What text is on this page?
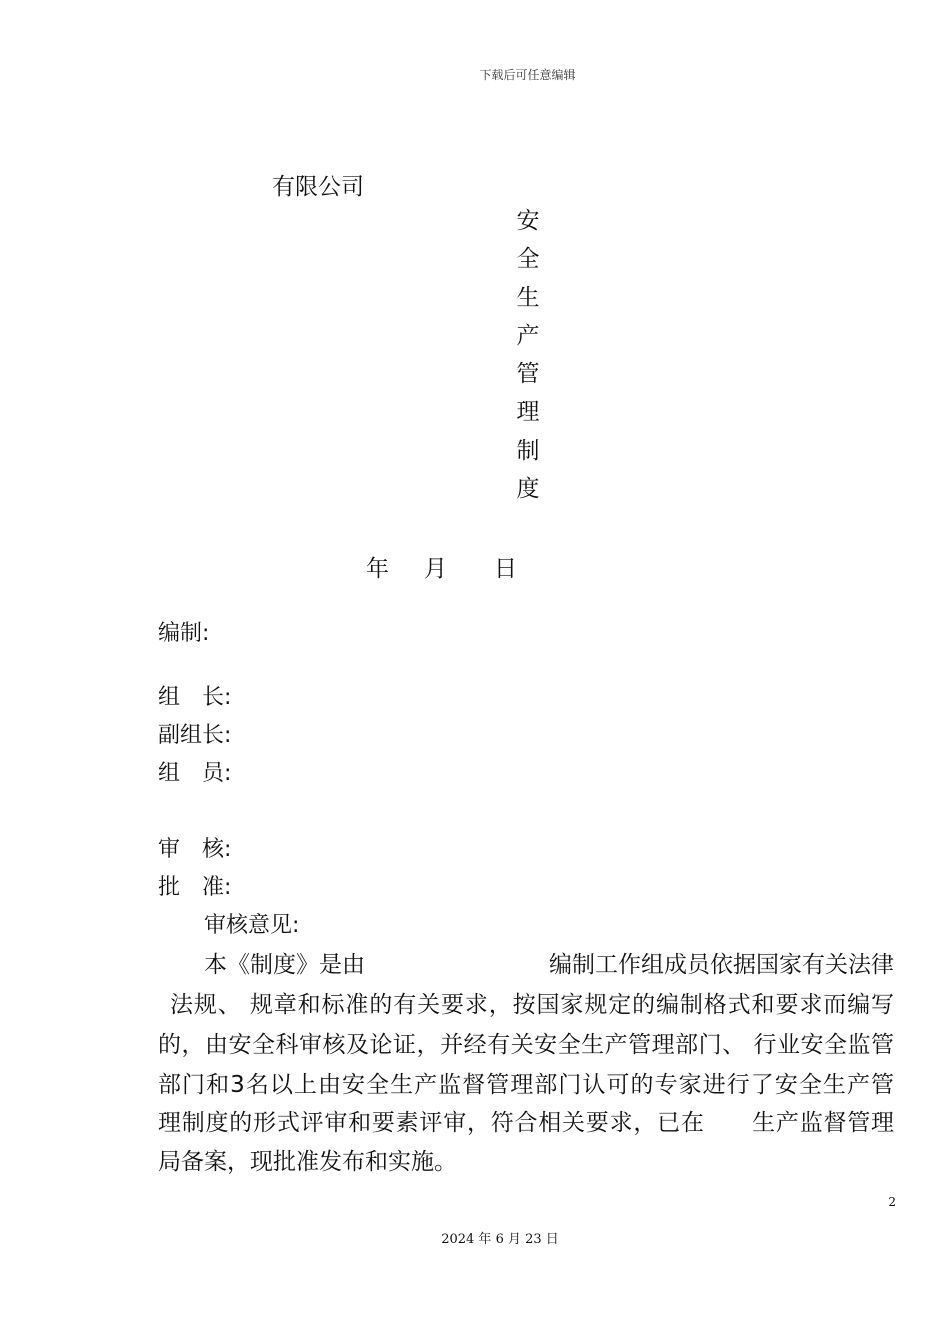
下载后可任意编辑
有限公司
安
全
生
产
管
理
制
度
年 月 日
编制:
组　长:
副组长:
组　员:
审　核:
批　准:
审核意见:
本《制度》是由　　　　　　　　编制工作组成员依据国家有关法律
法规、 规章和标准的有关要求，按国家规定的编制格式和要求而编写
的，由安全科审核及论证，并经有关安全生产管理部门、 行业安全监管
部门和3名以上由安全生产监督管理部门认可的专家进行了安全生产管
理制度的形式评审和要素评审，符合相关要求，已在　　生产监督管理
局备案，现批准发布和实施。
2
2024 年 6 月 23 日
